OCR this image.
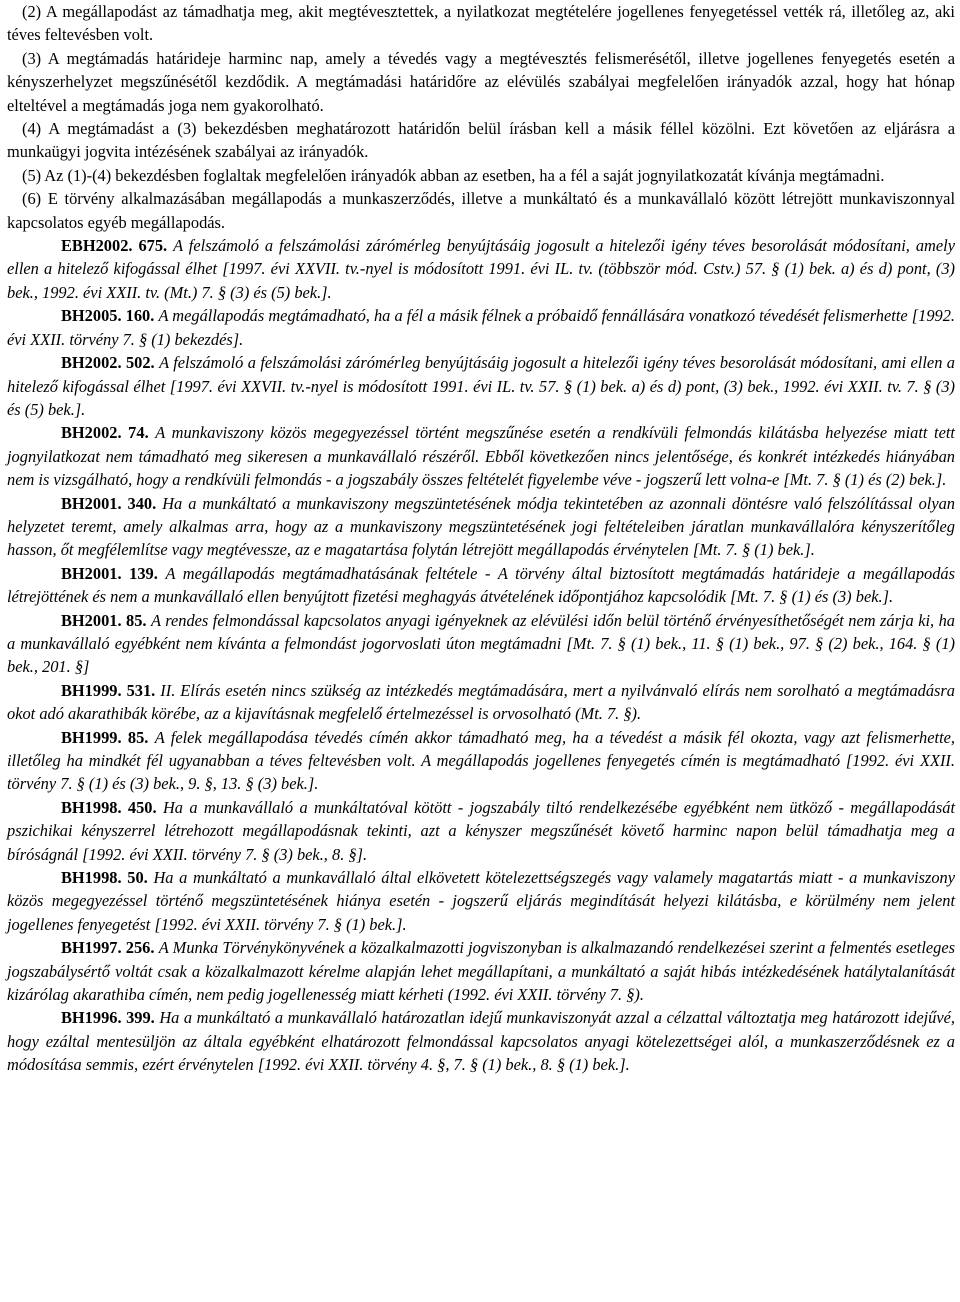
(2) A megállapodást az támadhatja meg, akit megtévesztettek, a nyilatkozat megtételére jogellenes fenyegetéssel vették rá, illetőleg az, aki téves feltevésben volt.

(3) A megtámadás határideje harminc nap, amely a tévedés vagy a megtévesztés felismerésétől, illetve jogellenes fenyegetés esetén a kényszerhelyzet megszűnésétől kezdődik. A megtámadási határidőre az elévülés szabályai megfelelően irányadók azzal, hogy hat hónap elteltével a megtámadás joga nem gyakorolható.

(4) A megtámadást a (3) bekezdésben meghatározott határidőn belül írásban kell a másik féllel közölni. Ezt követően az eljárásra a munkaügyi jogvita intézésének szabályai az irányadók.

(5) Az (1)-(4) bekezdésben foglaltak megfelelően irányadók abban az esetben, ha a fél a saját jognyilatkozatát kívánja megtámadni.

(6) E törvény alkalmazásában megállapodás a munkaszerződés, illetve a munkáltató és a munkavállaló között létrejött munkaviszonnyal kapcsolatos egyéb megállapodás.

EBH2002. 675. A felszámoló a felszámolási zárómérleg benyújtásáig jogosult a hitelezői igény téves besorolását módosítani, amely ellen a hitelező kifogással élhet [1997. évi XXVII. tv.-nyel is módosított 1991. évi IL. tv. (többször mód. Cstv.) 57. § (1) bek. a) és d) pont, (3) bek., 1992. évi XXII. tv. (Mt.) 7. § (3) és (5) bek.].

BH2005. 160. A megállapodás megtámadható, ha a fél a másik félnek a próbaidő fennállására vonatkozó tévedését felismerhette [1992. évi XXII. törvény 7. § (1) bekezdés].

BH2002. 502. A felszámoló a felszámolási zárómérleg benyújtásáig jogosult a hitelezői igény téves besorolását módosítani, ami ellen a hitelező kifogással élhet [1997. évi XXVII. tv.-nyel is módosított 1991. évi IL. tv. 57. § (1) bek. a) és d) pont, (3) bek., 1992. évi XXII. tv. 7. § (3) és (5) bek.].

BH2002. 74. A munkaviszony közös megegyezéssel történt megszűnése esetén a rendkívüli felmondás kilátásba helyezése miatt tett jognyilatkozat nem támadható meg sikeresen a munkavállaló részéről. Ebből következően nincs jelentősége, és konkrét intézkedés hiányában nem is vizsgálható, hogy a rendkívüli felmondás - a jogszabály összes feltételét figyelembe véve - jogszerű lett volna-e [Mt. 7. § (1) és (2) bek.].

BH2001. 340. Ha a munkáltató a munkaviszony megszüntetésének módja tekintetében az azonnali döntésre való felszólítással olyan helyzetet teremt, amely alkalmas arra, hogy az a munkaviszony megszüntetésének jogi feltételeiben járatlan munkavállalóra kényszerítőleg hasson, őt megfélemlítse vagy megtévessze, az e magatartása folytán létrejött megállapodás érvénytelen [Mt. 7. § (1) bek.].

BH2001. 139. A megállapodás megtámadhatásának feltétele - A törvény által biztosított megtámadás határideje a megállapodás létrejöttének és nem a munkavállaló ellen benyújtott fizetési meghagyás átvételének időpontjához kapcsolódik [Mt. 7. § (1) és (3) bek.].

BH2001. 85. A rendes felmondással kapcsolatos anyagi igényeknek az elévülési időn belül történő érvényesíthetőségét nem zárja ki, ha a munkavállaló egyébként nem kívánta a felmondást jogorvoslati úton megtámadni [Mt. 7. § (1) bek., 11. § (1) bek., 97. § (2) bek., 164. § (1) bek., 201. §]

BH1999. 531. II. Elírás esetén nincs szükség az intézkedés megtámadására, mert a nyilvánvaló elírás nem sorolható a megtámadásra okot adó akarathibák körébe, az a kijavításnak megfelelő értelmezéssel is orvosolható (Mt. 7. §).

BH1999. 85. A felek megállapodása tévedés címén akkor támadható meg, ha a tévedést a másik fél okozta, vagy azt felismerhette, illetőleg ha mindkét fél ugyanabban a téves feltevésben volt. A megállapodás jogellenes fenyegetés címén is megtámadható [1992. évi XXII. törvény 7. § (1) és (3) bek., 9. §, 13. § (3) bek.].

BH1998. 450. Ha a munkavállaló a munkáltatóval kötött - jogszabály tiltó rendelkezésébe egyébként nem ütköző - megállapodását pszichikai kényszerrel létrehozott megállapodásnak tekinti, azt a kényszer megszűnését követő harminc napon belül támadhatja meg a bíróságnál [1992. évi XXII. törvény 7. § (3) bek., 8. §].

BH1998. 50. Ha a munkáltató a munkavállaló által elkövetett kötelezettségszegés vagy valamely magatartás miatt - a munkaviszony közös megegyezéssel történő megszüntetésének hiánya esetén - jogszerű eljárás megindítását helyezi kilátásba, e körülmény nem jelent jogellenes fenyegetést [1992. évi XXII. törvény 7. § (1) bek.].

BH1997. 256. A Munka Törvénykönyvének a közalkalmazotti jogviszonyban is alkalmazandó rendelkezései szerint a felmentés esetleges jogszabálysértő voltát csak a közalkalmazott kérelme alapján lehet megállapítani, a munkáltató a saját hibás intézkedésének hatálytalanítását kizárólag akarathiba címén, nem pedig jogellenesség miatt kérheti (1992. évi XXII. törvény 7. §).

BH1996. 399. Ha a munkáltató a munkavállaló határozatlan idejű munkaviszonyát azzal a célzattal változtatja meg határozott idejűvé, hogy ezáltal mentesüljön az általa egyébként elhatározott felmondással kapcsolatos anyagi kötelezettségei alól, a munkaszerződésnek ez a módosítása semmis, ezért érvénytelen [1992. évi XXII. törvény 4. §, 7. § (1) bek., 8. § (1) bek.].
